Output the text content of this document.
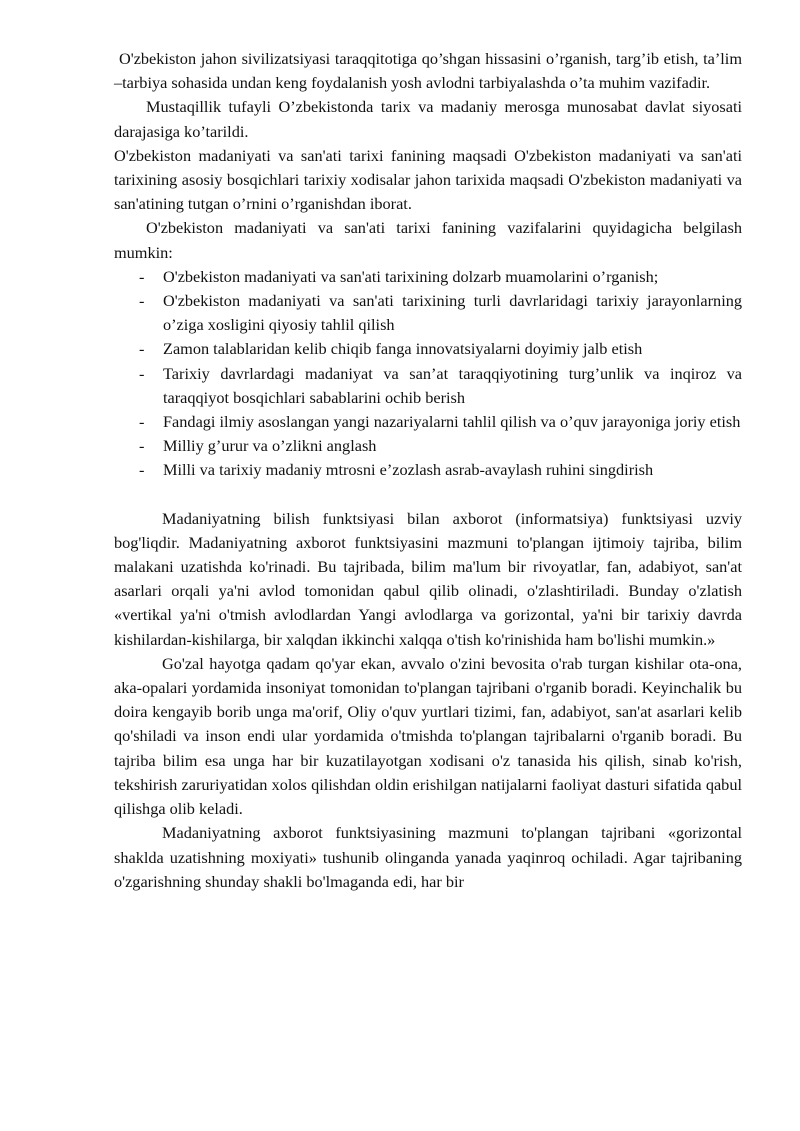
O'zbekiston jahon sivilizatsiyasi taraqqitotiga qo’shgan hissasini o’rganish, targ’ib etish, ta’lim –tarbiya sohasida undan keng foydalanish yosh avlodni tarbiyalashda o’ta muhim vazifadir.

Mustaqillik tufayli O’zbekistonda tarix va madaniy merosga munosabat davlat siyosati darajasiga ko’tarildi.

O'zbekiston madaniyati va san'ati tarixi fanining maqsadi O'zbekiston madaniyati va san'ati tarixining asosiy bosqichlari tarixiy xodisalar jahon tarixida maqsadi O'zbekiston madaniyati va san'atining tutgan o’rnini o’rganishdan iborat.

O'zbekiston madaniyati va san'ati tarixi fanining vazifalarini quyidagicha belgilash mumkin:

- O'zbekiston madaniyati va san'ati tarixining dolzarb muamolarini o’rganish;
- O'zbekiston madaniyati va san'ati tarixining turli davrlaridagi tarixiy jarayonlarning o’ziga xosligini qiyosiy tahlil qilish
- Zamon talablaridan kelib chiqib fanga innovatsiyalarni doyimiy jalb etish
- Tarixiy davrlardagi madaniyat va san’at taraqqiyotining turg’unlik va inqiroz va taraqqiyot bosqichlari sabablarini ochib berish
- Fandagi ilmiy asoslangan yangi nazariyalarni tahlil qilish va o’quv jarayoniga joriy etish
- Milliy g’urur va o’zlikni anglash
- Milli va tarixiy madaniy mtrosni e’zozlash asrab-avaylash ruhini singdirish

Madaniyatning bilish funktsiyasi bilan axborot (informatsiya) funktsiyasi uzviy bog'liqdir. Madaniyatning axborot funktsiyasini mazmuni to'plangan ijtimoiy tajriba, bilim malakani uzatishda ko'rinadi. Bu tajribada, bilim ma'lum bir rivoyatlar, fan, adabiyot, san'at asarlari orqali ya'ni avlod tomonidan qabul qilib olinadi, o'zlashtiriladi. Bunday o'zlatish «vertikal ya'ni o'tmish avlodlardan Yangi avlodlarga va gorizontal, ya'ni bir tarixiy davrda kishilardan-kishilarga, bir xalqdan ikkinchi xalqqa o'tish ko'rinishida ham bo'lishi mumkin.»

Go'zal hayotga qadam qo'yar ekan, avvalo o'zini bevosita o'rab turgan kishilar ota-ona, aka-opalari yordamida insoniyat tomonidan to'plangan tajribani o'rganib boradi. Keyinchalik bu doira kengayib borib unga ma'orif, Oliy o'quv yurtlari tizimi, fan, adabiyot, san'at asarlari kelib qo'shiladi va inson endi ular yordamida o'tmishda to'plangan tajribalarni o'rganib boradi. Bu tajriba bilim esa unga har bir kuzatilayotgan xodisani o'z tanasida his qilish, sinab ko'rish, tekshirish zaruriyatidan xolos qilishdan oldin erishilgan natijalarni faoliyat dasturi sifatida qabul qilishga olib keladi.

Madaniyatning axborot funktsiyasining mazmuni to'plangan tajribani «gorizontal shaklda uzatishning moxiyati» tushunib olinganda yanada yaqinroq ochiladi. Agar tajribaning o'zgarishning shunday shakli bo'lmaganda edi, har bir
